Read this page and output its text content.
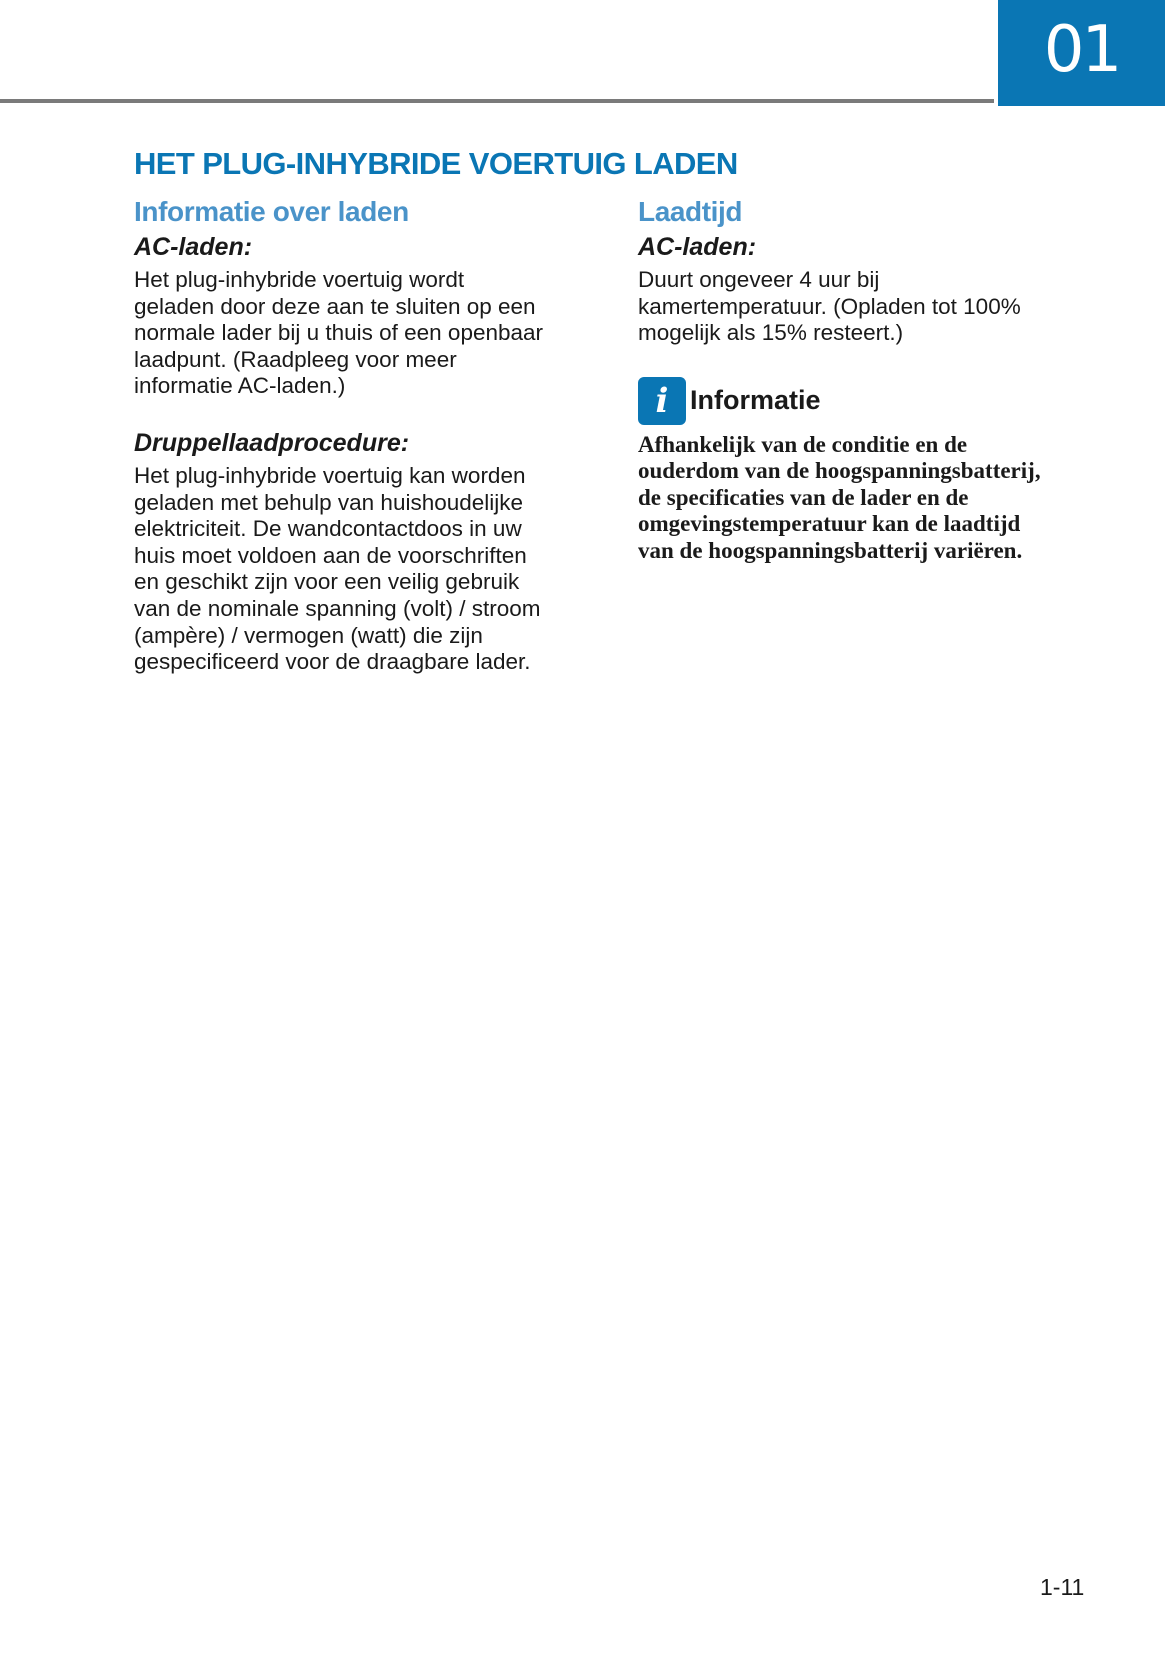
01
HET PLUG-INHYBRIDE VOERTUIG LADEN
Informatie over laden
AC-laden:

Het plug-inhybride voertuig wordt
geladen door deze aan te sluiten op een
normale lader bij u thuis of een openbaar
laadpunt. (Raadpleeg voor meer
informatie AC-laden.)

Druppellaadprocedure:

Het plug-inhybride voertuig kan worden
geladen met behulp van huishoudelijke
elektriciteit. De wandcontactdoos in uw
huis moet voldoen aan de voorschriften
en geschikt zijn voor een veilig gebruik
van de nominale spanning (volt) / stroom
(ampère) / vermogen (watt) die zijn
gespecificeerd voor de draagbare lader.

Laadtijd
AC-laden:

Duurt ongeveer 4 uur bij
kamertemperatuur. (Opladen tot 100%
mogelijk als 15% resteert.)

i Informatie

Afhankelijk van de conditie en de
ouderdom van de hoogspanningsbatterij,
de specificaties van de lader en de
omgevingstemperatuur kan de laadtijd
van de hoogspanningsbatterij variëren.

1-11
